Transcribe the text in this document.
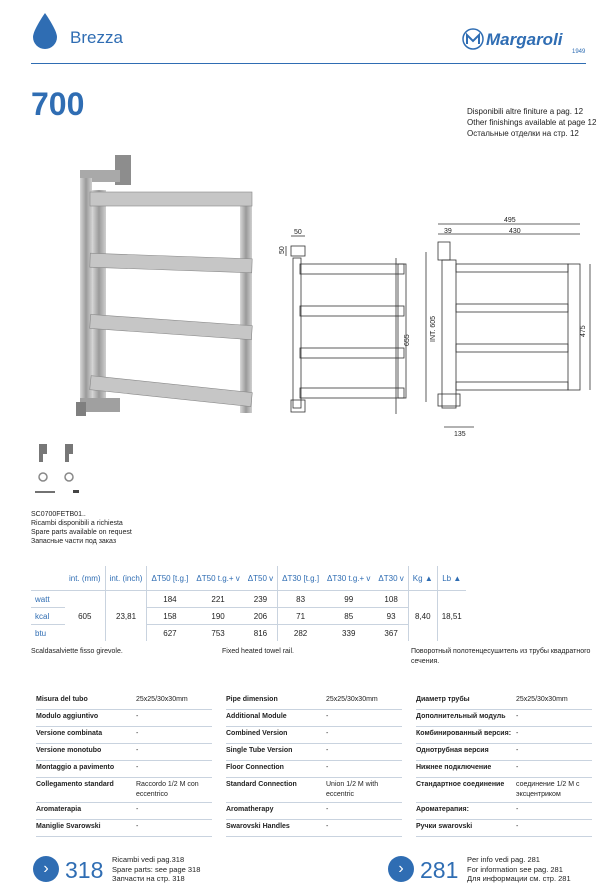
Brezza	Margaroli
1949
700	Disponibili altre finiture a pag. 12
Other finishings available at page 12
Остальные отделки на стр. 12
50
50
655
495
39	430
INT. 605	475
135
SC0700FETB01..
Ricambi disponibili a richiesta
Spare parts available on request
Запасные части под заказ
	int. (mm)	int. (inch)	ΔT50 [t.g.]	ΔT50 t.g.+ v	ΔT50 v	ΔT30 [t.g.]	ΔT30 t.g.+ v	ΔT30 v	Kg ▲	Lb ▲
watt	605	23,81	184	221	239	83	99	108	8,40	18,51
kcal			158	190	206	71	85	93		
btu			627	753	816	282	339	367		
Scaldasalviette fisso girevole.	Fixed heated towel rail.	Поворотный полотенцесушитель из трубы квадратного сечения.
Misura del tubo	25x25/30x30mm
Modulo aggiuntivo	-
Versione combinata	-
Versione monotubo	-
Montaggio a pavimento	-
Collegamento standard	Raccordo 1/2 M con eccentrico
Aromaterapia	-
Maniglie Svarowski	-
Pipe dimension	25x25/30x30mm
Additional Module	-
Combined Version	-
Single Tube Version	-
Floor Connection	-
Standard Connection	Union 1/2 M with eccentric
Aromatherapy	-
Swarovski Handles	-
Диаметр трубы	25x25/30x30mm
Дополнительный модуль	-
Комбинированный версия:	-
Однотрубная версия	-
Нижнее подключение	-
Стандартное соединение	соединение 1/2 M с эксцентриком
Ароматерапия:	-
Ручки swarovski	-
› 318 Ricambi vedi pag.318
Spare parts: see page 318
Запчасти на стр. 318
› 281 Per info vedi pag. 281
For information see pag. 281
Для информации см. стр. 281
